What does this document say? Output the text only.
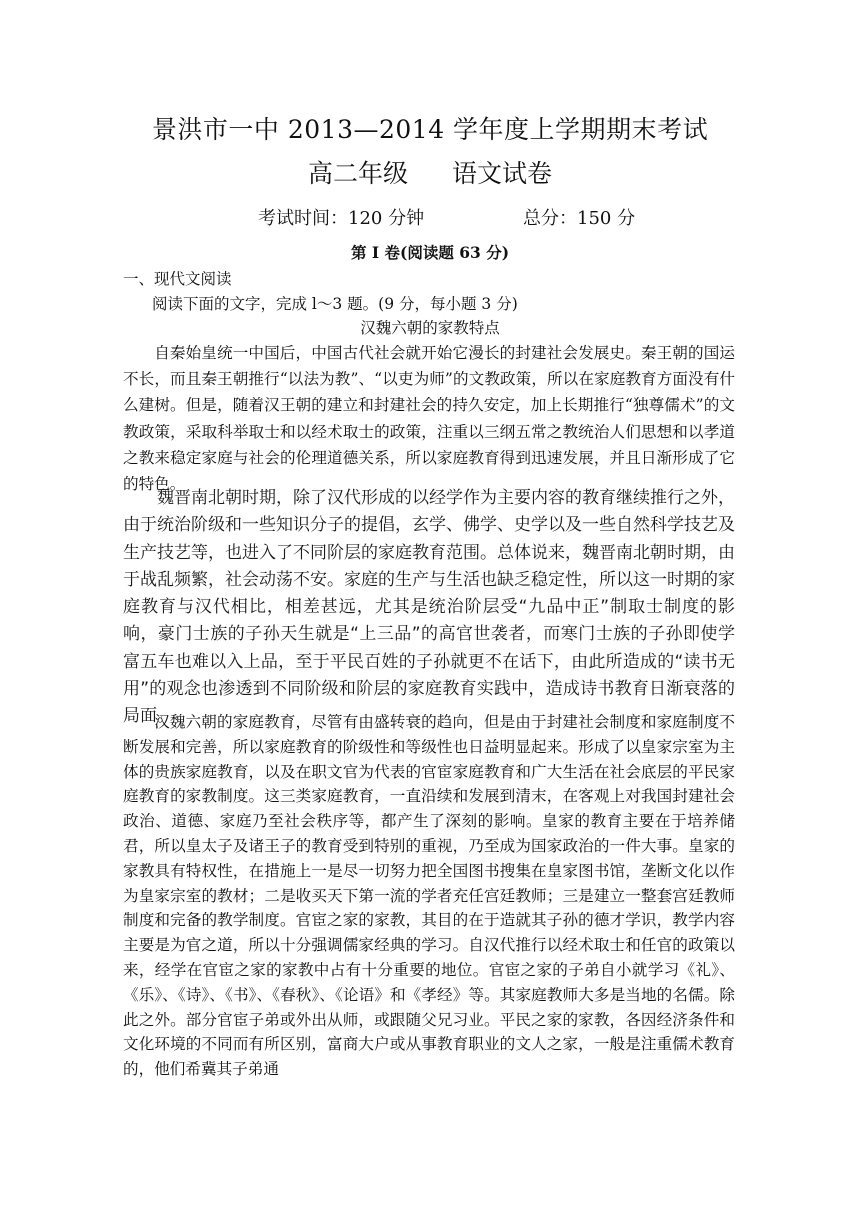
景洪市一中 2013—2014 学年度上学期期末考试
高二年级 语文试卷
考试时间：120 分钟	总分：150 分
第 I 卷(阅读题 63 分)
一、现代文阅读
阅读下面的文字，完成 l～3 题。(9 分，每小题 3 分)
汉魏六朝的家教特点

自秦始皇统一中国后，中国古代社会就开始它漫长的封建社会发展史。秦王朝的国运不长，而且秦王朝推行“以法为教”、“以吏为师”的文教政策，所以在家庭教育方面没有什么建树。但是，随着汉王朝的建立和封建社会的持久安定，加上长期推行“独尊儒术”的文教政策，采取科举取士和以经术取士的政策，注重以三纲五常之教统治人们思想和以孝道之教来稳定家庭与社会的伦理道德关系，所以家庭教育得到迅速发展，并且日渐形成了它的特色。

魏晋南北朝时期，除了汉代形成的以经学作为主要内容的教育继续推行之外，由于统治阶级和一些知识分子的提倡，玄学、佛学、史学以及一些自然科学技艺及生产技艺等，也进入了不同阶层的家庭教育范围。总体说来，魏晋南北朝时期，由于战乱频繁，社会动荡不安。家庭的生产与生活也缺乏稳定性，所以这一时期的家庭教育与汉代相比，相差甚远，尤其是统治阶层受“九品中正”制取士制度的影响，豪门士族的子孙天生就是“上三品”的高官世袭者，而寒门士族的子孙即使学富五车也难以入上品，至于平民百姓的子孙就更不在话下，由此所造成的“读书无用”的观念也渗透到不同阶级和阶层的家庭教育实践中，造成诗书教育日渐衰落的局面。

汉魏六朝的家庭教育，尽管有由盛转衰的趋向，但是由于封建社会制度和家庭制度不断发展和完善，所以家庭教育的阶级性和等级性也日益明显起来。形成了以皇家宗室为主体的贵族家庭教育，以及在职文官为代表的官宦家庭教育和广大生活在社会底层的平民家庭教育的家教制度。这三类家庭教育，一直沿续和发展到清末，在客观上对我国封建社会政治、道德、家庭乃至社会秩序等，都产生了深刻的影响。皇家的教育主要在于培养储君，所以皇太子及诸王子的教育受到特别的重视，乃至成为国家政治的一件大事。皇家的家教具有特权性，在措施上一是尽一切努力把全国图书搜集在皇家图书馆，垄断文化以作为皇家宗室的教材；二是收买天下第一流的学者充任宫廷教师；三是建立一整套宫廷教师制度和完备的教学制度。官宦之家的家教，其目的在于造就其子孙的德才学识，教学内容主要是为官之道，所以十分强调儒家经典的学习。自汉代推行以经术取士和任官的政策以来，经学在官宦之家的家教中占有十分重要的地位。官宦之家的子弟自小就学习《礼》、《乐》、《诗》、《书》、《春秋》、《论语》和《孝经》等。其家庭教师大多是当地的名儒。除此之外。部分官宦子弟或外出从师，或跟随父兄习业。平民之家的家教，各因经济条件和文化环境的不同而有所区别，富商大户或从事教育职业的文人之家，一般是注重儒术教育的，他们希冀其子弟通
